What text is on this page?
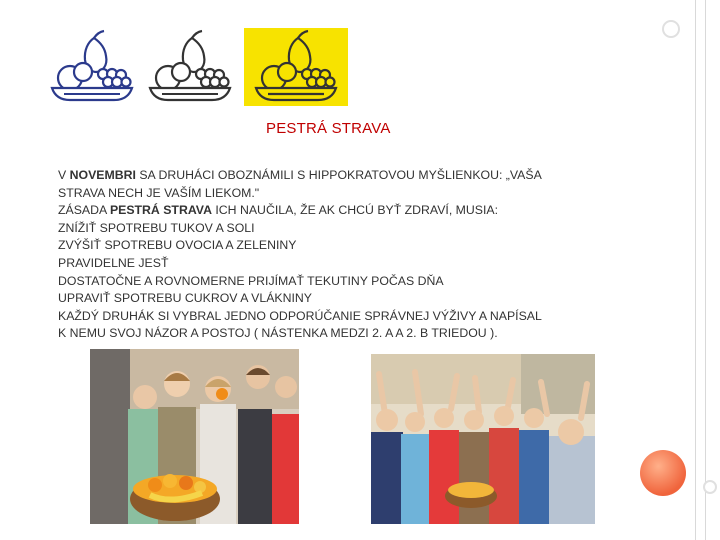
PESTRÁ STRAVA
V NOVEMBRI SA DRUHÁCI OBOZNÁMILI S HIPPOKRATOVOU MYŠLIENKOU: „VAŠA
STRAVA NECH JE VAŠÍM LIEKOM."
ZÁSADA PESTRÁ STRAVA ICH NAUČILA, ŽE AK CHCÚ BYŤ ZDRAVÍ, MUSIA:
ZNÍŽIŤ SPOTREBU TUKOV A SOLI
ZVÝŠIŤ SPOTREBU OVOCIA A ZELENINY
PRAVIDELNE JESŤ
DOSTATOČNE A ROVNOMERNE PRIJÍMAŤ TEKUTINY POČAS DŇA
UPRAVIŤ SPOTREBU CUKROV A VLÁKNINY
KAŽDÝ DRUHÁK SI VYBRAL JEDNO ODPORÚČANIE SPRÁVNEJ VÝŽIVY A NAPÍSAL
K NEMU SVOJ NÁZOR A POSTOJ ( NÁSTENKA MEDZI 2. A A 2. B TRIEDOU ).
